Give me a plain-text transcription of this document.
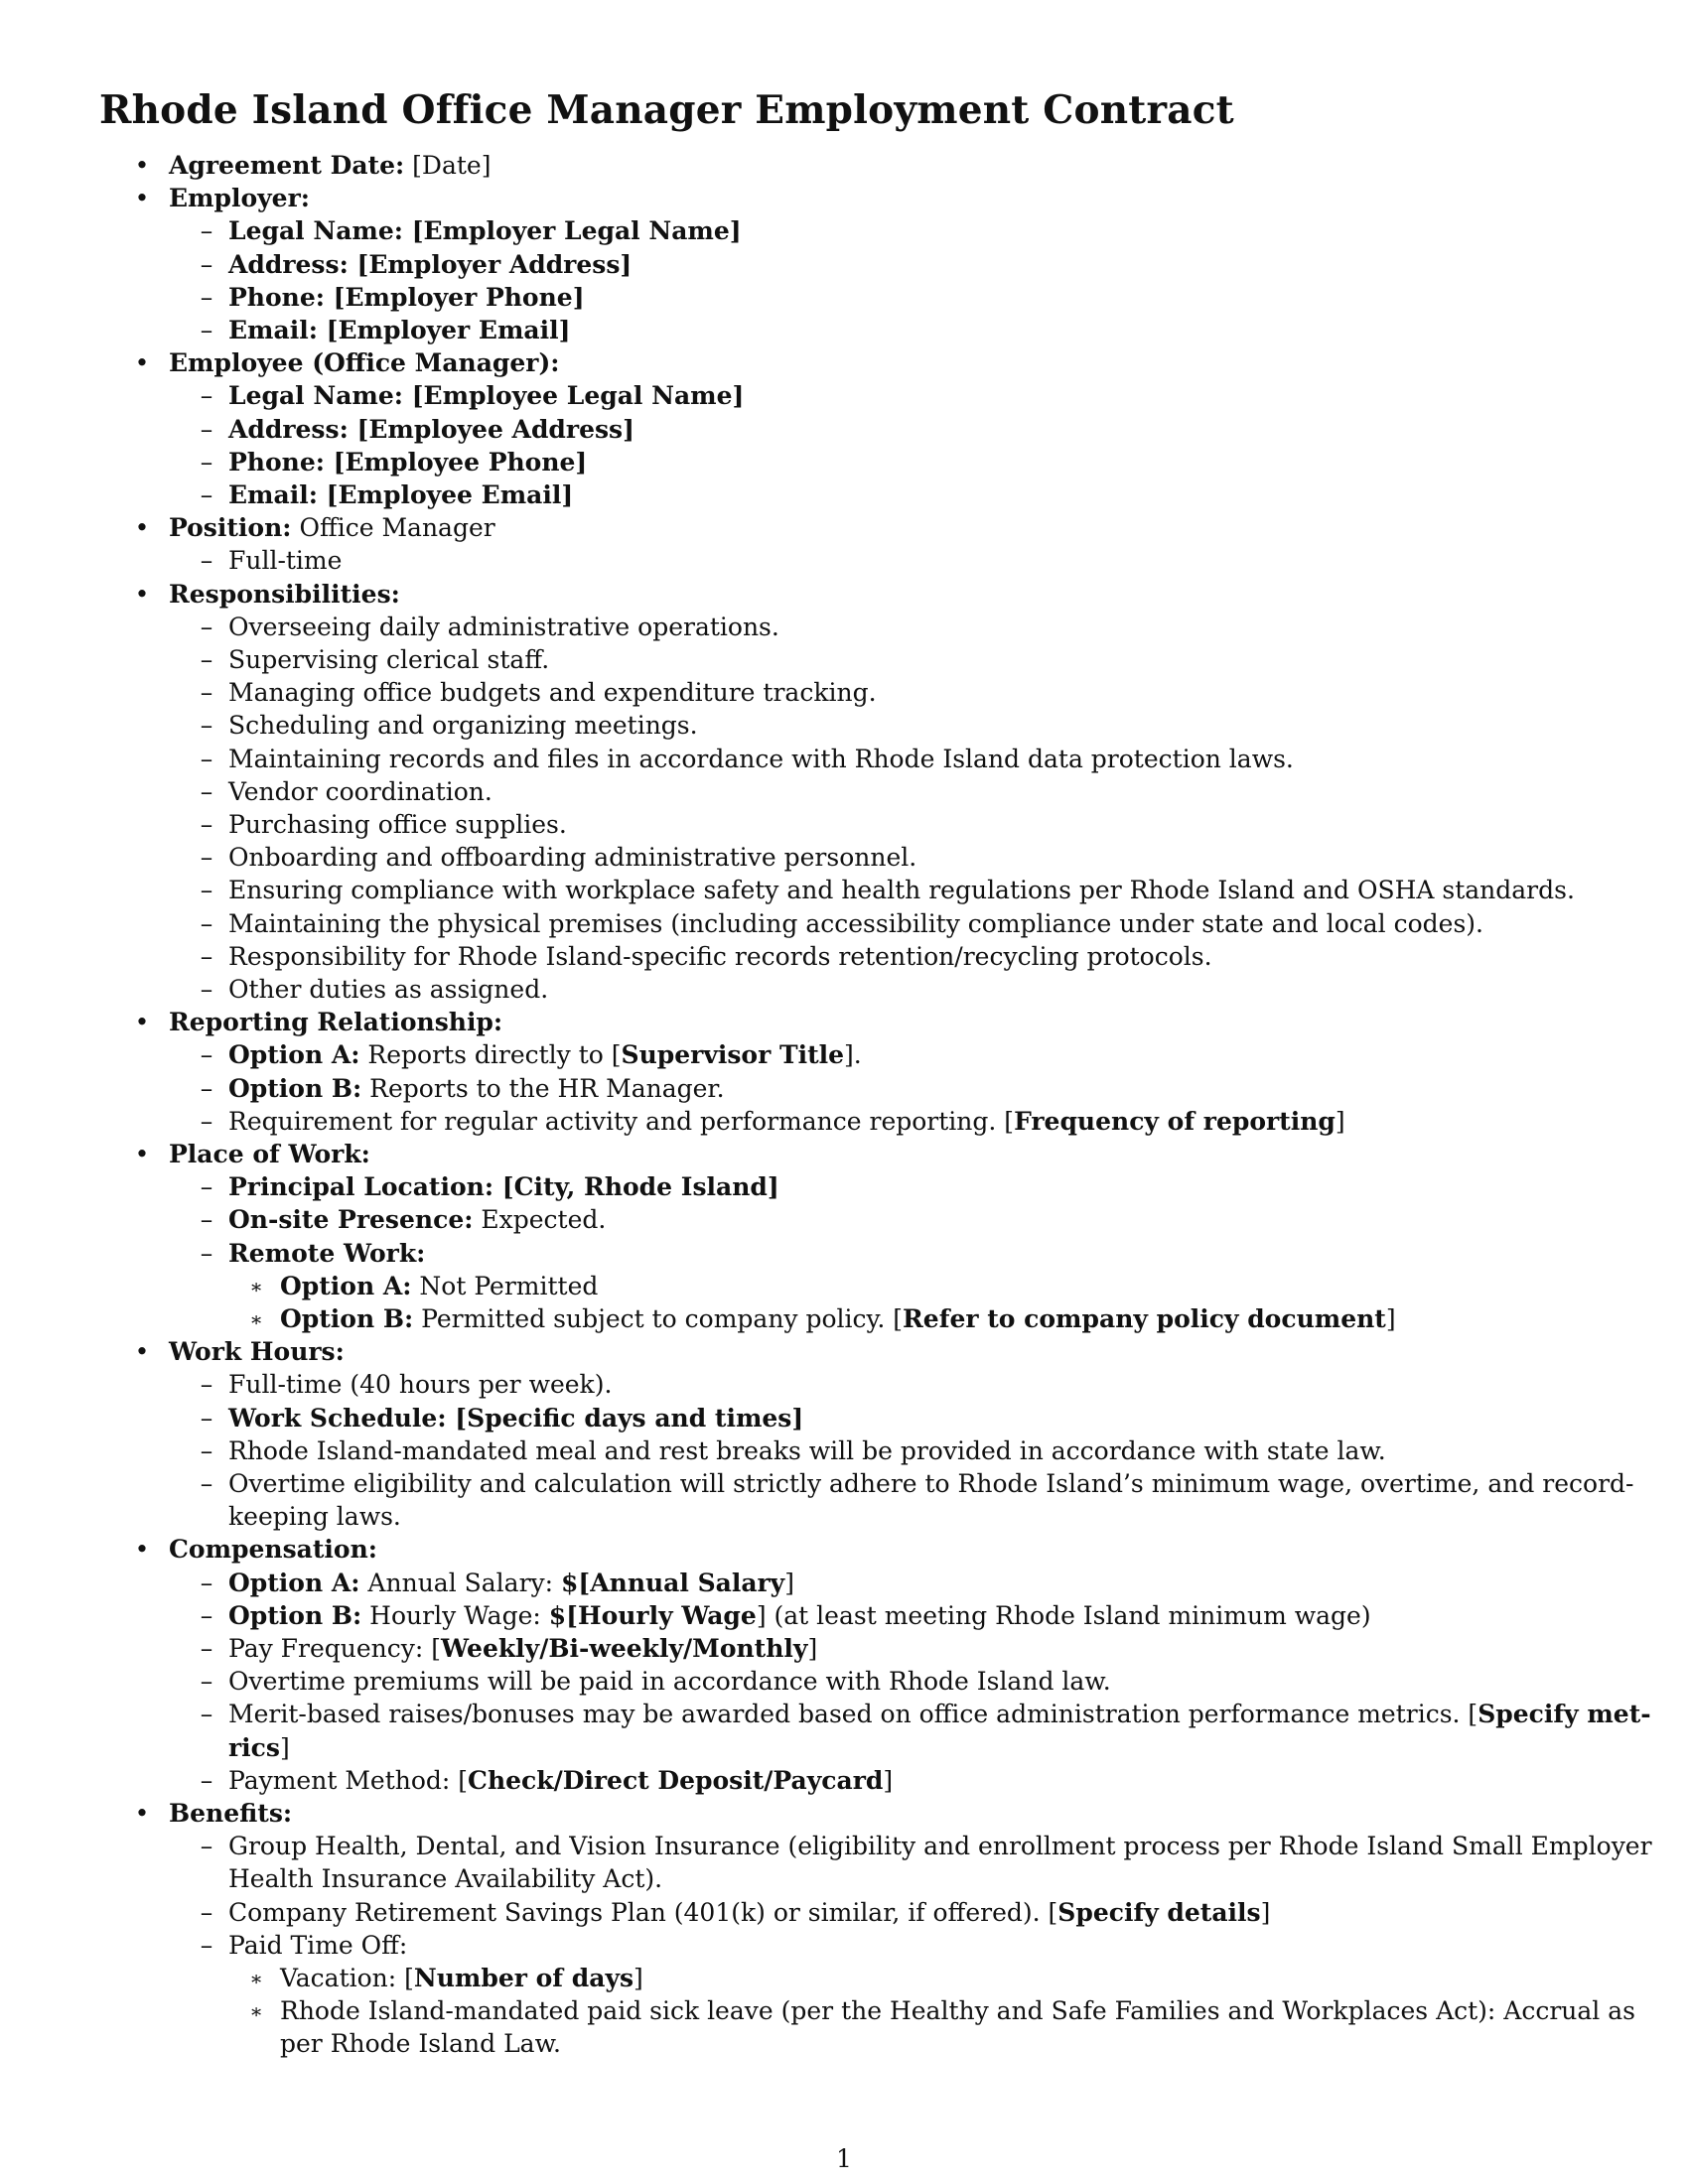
Rhode Island Office Manager Employment Contract
• Agreement Date: [Date]
• Employer:
– Legal Name: [Employer Legal Name]
– Address: [Employer Address]
– Phone: [Employer Phone]
– Email: [Employer Email]
• Employee (Office Manager):
– Legal Name: [Employee Legal Name]
– Address: [Employee Address]
– Phone: [Employee Phone]
– Email: [Employee Email]
• Position: Office Manager
– Full-time
• Responsibilities:
– Overseeing daily administrative operations.
– Supervising clerical staff.
– Managing office budgets and expenditure tracking.
– Scheduling and organizing meetings.
– Maintaining records and files in accordance with Rhode Island data protection laws.
– Vendor coordination.
– Purchasing office supplies.
– Onboarding and offboarding administrative personnel.
– Ensuring compliance with workplace safety and health regulations per Rhode Island and OSHA standards.
– Maintaining the physical premises (including accessibility compliance under state and local codes).
– Responsibility for Rhode Island-specific records retention/recycling protocols.
– Other duties as assigned.
• Reporting Relationship:
– Option A: Reports directly to [Supervisor Title].
– Option B: Reports to the HR Manager.
– Requirement for regular activity and performance reporting. [Frequency of reporting]
• Place of Work:
– Principal Location: [City, Rhode Island]
– On-site Presence: Expected.
– Remote Work:
∗ Option A: Not Permitted
∗ Option B: Permitted subject to company policy. [Refer to company policy document]
• Work Hours:
– Full-time (40 hours per week).
– Work Schedule: [Specific days and times]
– Rhode Island-mandated meal and rest breaks will be provided in accordance with state law.
– Overtime eligibility and calculation will strictly adhere to Rhode Island’s minimum wage, overtime, and record-
keeping laws.
• Compensation:
– Option A: Annual Salary: $[Annual Salary]
– Option B: Hourly Wage: $[Hourly Wage] (at least meeting Rhode Island minimum wage)
– Pay Frequency: [Weekly/Bi-weekly/Monthly]
– Overtime premiums will be paid in accordance with Rhode Island law.
– Merit-based raises/bonuses may be awarded based on office administration performance metrics. [Specify met-
rics]
– Payment Method: [Check/Direct Deposit/Paycard]
• Benefits:
– Group Health, Dental, and Vision Insurance (eligibility and enrollment process per Rhode Island Small Employer
Health Insurance Availability Act).
– Company Retirement Savings Plan (401(k) or similar, if offered). [Specify details]
– Paid Time Off:
∗ Vacation: [Number of days]
∗ Rhode Island-mandated paid sick leave (per the Healthy and Safe Families and Workplaces Act): Accrual as
per Rhode Island Law.
1
